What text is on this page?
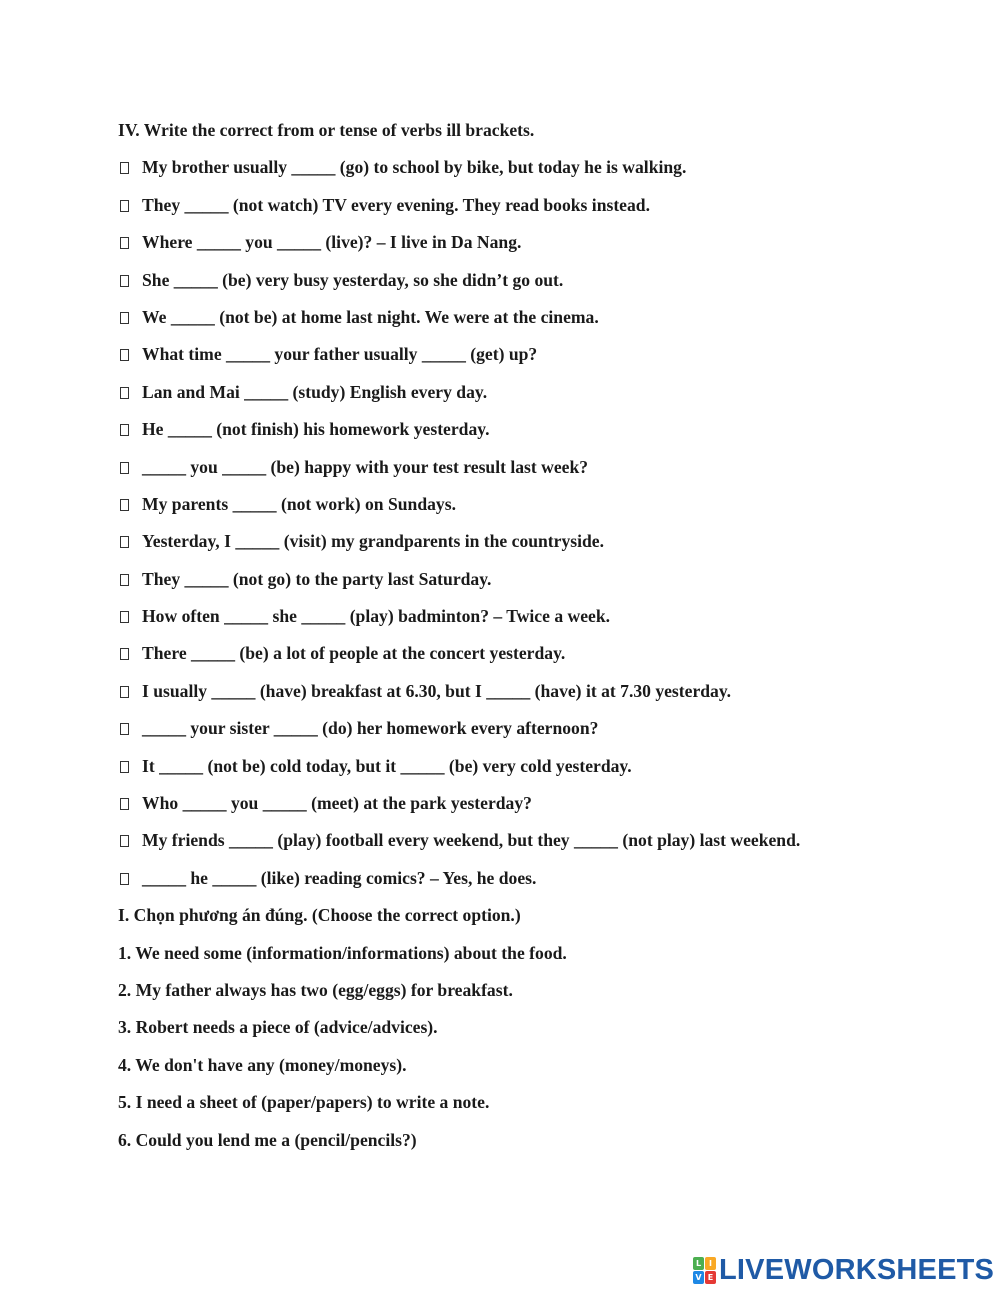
IV. Write the correct from or tense of verbs ill brackets.
My brother usually _____ (go) to school by bike, but today he is walking.
They _____ (not watch) TV every evening. They read books instead.
Where _____ you _____ (live)? – I live in Da Nang.
She _____ (be) very busy yesterday, so she didn’t go out.
We _____ (not be) at home last night. We were at the cinema.
What time _____ your father usually _____ (get) up?
Lan and Mai _____ (study) English every day.
He _____ (not finish) his homework yesterday.
_____ you _____ (be) happy with your test result last week?
My parents _____ (not work) on Sundays.
Yesterday, I _____ (visit) my grandparents in the countryside.
They _____ (not go) to the party last Saturday.
How often _____ she _____ (play) badminton? – Twice a week.
There _____ (be) a lot of people at the concert yesterday.
I usually _____ (have) breakfast at 6.30, but I _____ (have) it at 7.30 yesterday.
_____ your sister _____ (do) her homework every afternoon?
It _____ (not be) cold today, but it _____ (be) very cold yesterday.
Who _____ you _____ (meet) at the park yesterday?
My friends _____ (play) football every weekend, but they _____ (not play) last weekend.
_____ he _____ (like) reading comics? – Yes, he does.
I. Chọn phương án đúng. (Choose the correct option.)
1. We need some (information/informations) about the food.
2. My father always has two (egg/eggs) for breakfast.
3. Robert needs a piece of (advice/advices).
4. We don't have any (money/moneys).
5. I need a sheet of (paper/papers) to write a note.
6. Could you lend me a (pencil/pencils?)
L I
V E LIVEWORKSHEETS
